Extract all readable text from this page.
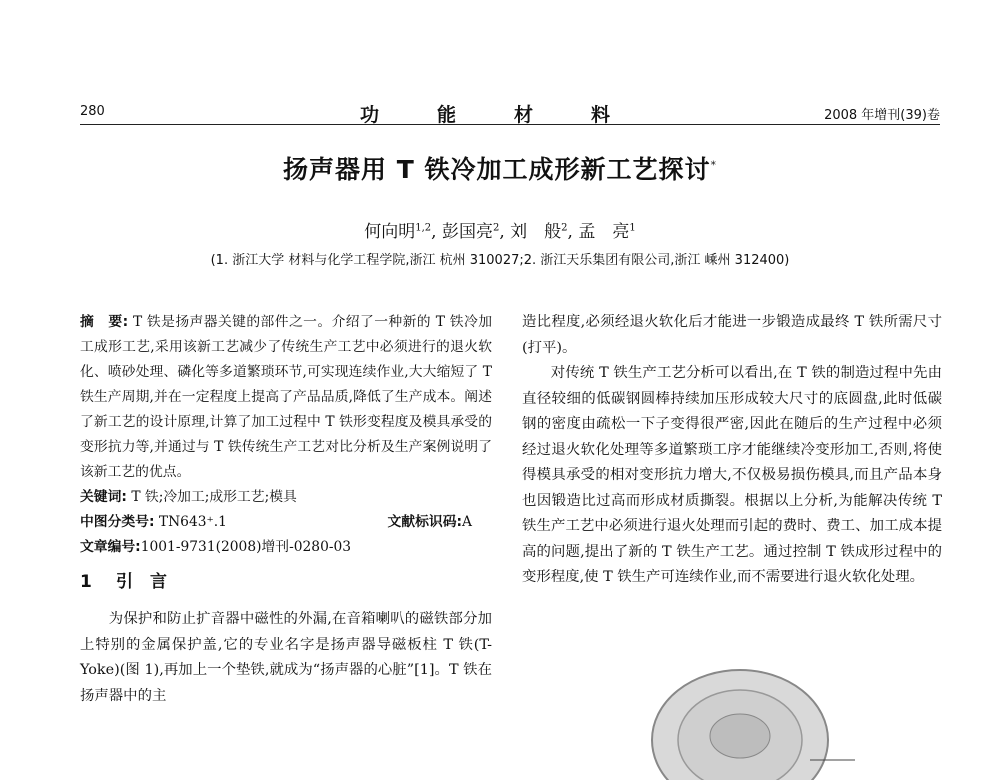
280	功能材料	2008 年增刊(39)卷
扬声器用 T 铁冷加工成形新工艺探讨*
何向明$^{1,2}$, 彭国亮$^2$, 刘　般$^2$, 孟　亮$^1$
(1. 浙江大学 材料与化学工程学院,浙江 杭州 310027;2. 浙江天乐集团有限公司,浙江 嵊州 312400)

摘　要: T 铁是扬声器关键的部件之一。介绍了一种新的 T 铁冷加工成形工艺,采用该新工艺减少了传统生产工艺中必须进行的退火软化、喷砂处理、磷化等多道繁琐环节,可实现连续作业,大大缩短了 T 铁生产周期,并在一定程度上提高了产品品质,降低了生产成本。阐述了新工艺的设计原理,计算了加工过程中 T 铁形变程度及模具承受的变形抗力等,并通过与 T 铁传统生产工艺对比分析及生产案例说明了该新工艺的优点。

关键词: T 铁;冷加工;成形工艺;模具

中图分类号: TN643⁺.1	文献标识码:A

文章编号:1001-9731(2008)增刊-0280-03

1 引　言

为保护和防止扩音器中磁性的外漏,在音箱喇叭的磁铁部分加上特别的金属保护盖,它的专业名字是扬声器导磁板柱 T 铁(T-Yoke)(图 1),再加上一个垫铁,就成为“扬声器的心脏”[1]。T 铁在扬声器中的主

造比程度,必须经退火软化后才能进一步锻造成最终 T 铁所需尺寸(打平)。

对传统 T 铁生产工艺分析可以看出,在 T 铁的制造过程中先由直径较细的低碳钢圆棒持续加压形成较大尺寸的底圆盘,此时低碳钢的密度由疏松一下子变得很严密,因此在随后的生产过程中必须经过退火软化处理等多道繁琐工序才能继续冷变形加工,否则,将使得模具承受的相对变形抗力增大,不仅极易损伤模具,而且产品本身也因锻造比过高而形成材质撕裂。根据以上分析,为能解决传统 T 铁生产工艺中必须进行退火处理而引起的费时、费工、加工成本提高的问题,提出了新的 T 铁生产工艺。通过控制 T 铁成形过程中的变形程度,使 T 铁生产可连续作业,而不需要进行退火软化处理。
